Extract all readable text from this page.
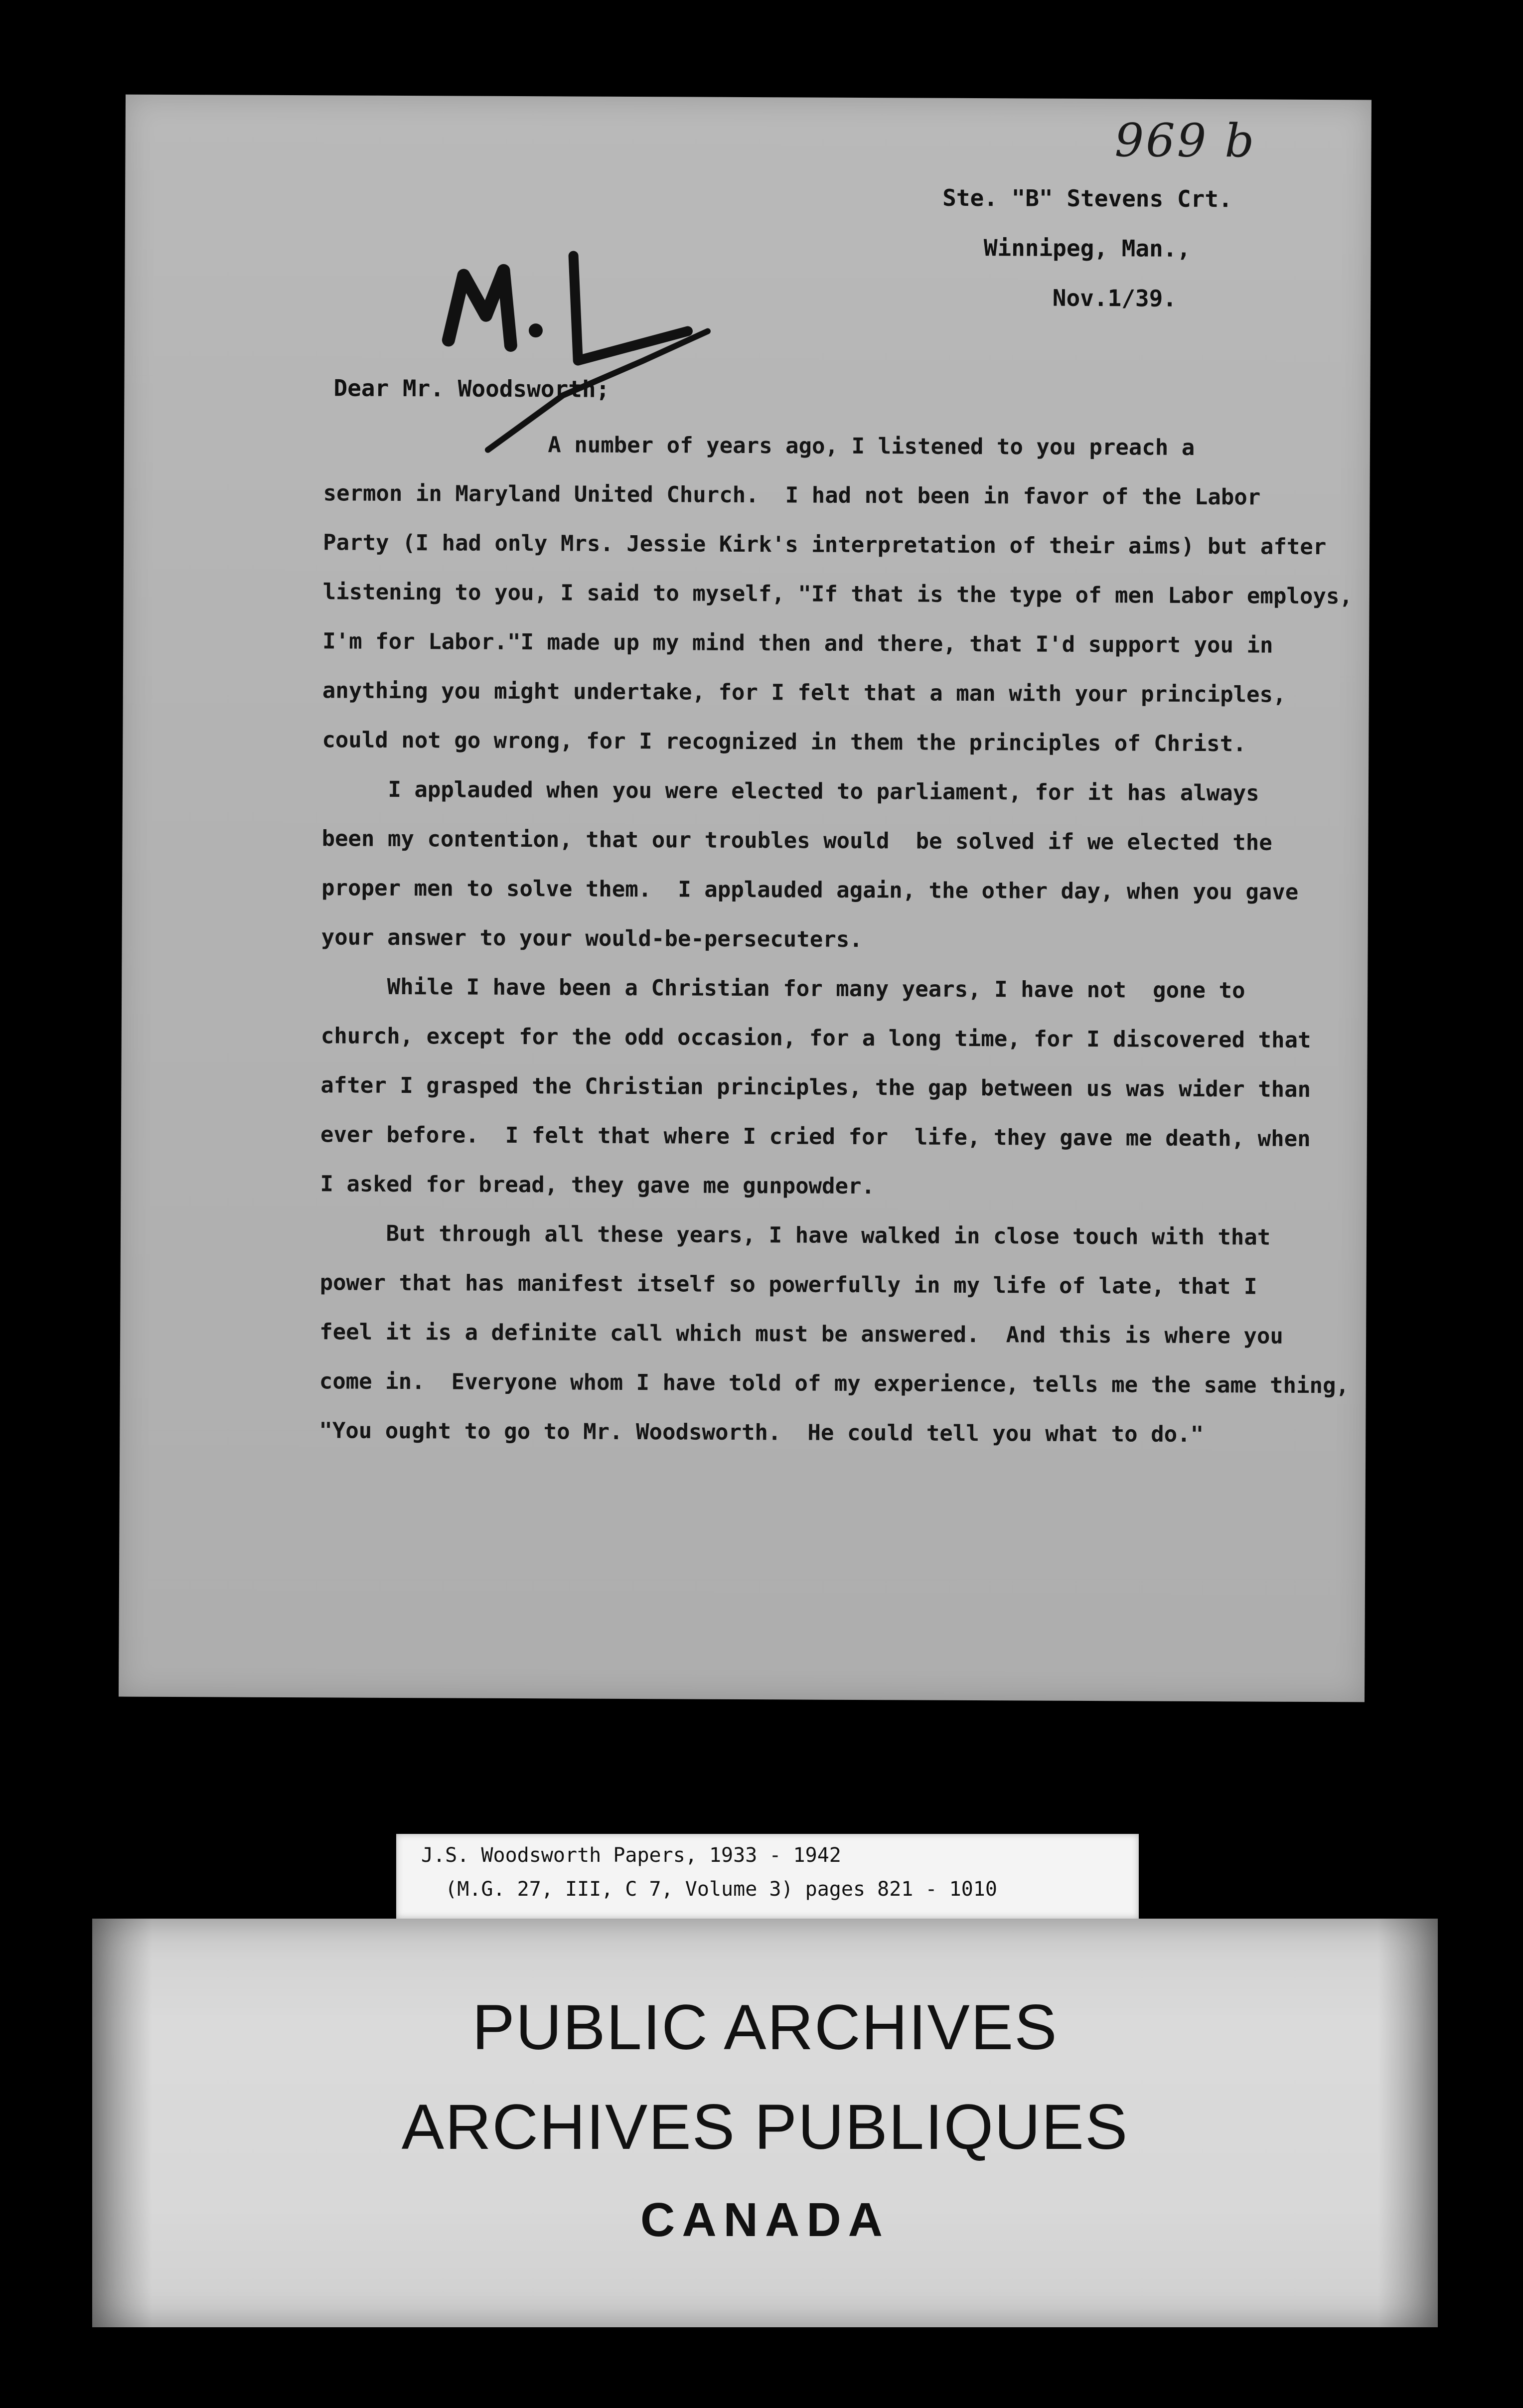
969 b
Ste. "B" Stevens Crt.
Winnipeg, Man.,
Nov.1/39.
Dear Mr. Woodsworth;

A number of years ago, I listened to you preach a
sermon in Maryland United Church.  I had not been in favor of the Labor
Party (I had only Mrs. Jessie Kirk's interpretation of their aims) but after
listening to you, I said to myself, "If that is the type of men Labor employs,
I'm for Labor."I made up my mind then and there, that I'd support you in
anything you might undertake, for I felt that a man with your principles,
could not go wrong, for I recognized in them the principles of Christ.

I applauded when you were elected to parliament, for it has always
been my contention, that our troubles would  be solved if we elected the
proper men to solve them.  I applauded again, the other day, when you gave
your answer to your would-be-persecuters.

While I have been a Christian for many years, I have not  gone to
church, except for the odd occasion, for a long time, for I discovered that
after I grasped the Christian principles, the gap between us was wider than
ever before.  I felt that where I cried for  life, they gave me death, when
I asked for bread, they gave me gunpowder.

But through all these years, I have walked in close touch with that
power that has manifest itself so powerfully in my life of late, that I
feel it is a definite call which must be answered.  And this is where you
come in.  Everyone whom I have told of my experience, tells me the same thing,
"You ought to go to Mr. Woodsworth.  He could tell you what to do."

J.S. Woodsworth Papers, 1933 - 1942
(M.G. 27, III, C 7, Volume 3) pages 821 - 1010
PUBLIC ARCHIVES
ARCHIVES PUBLIQUES
CANADA
